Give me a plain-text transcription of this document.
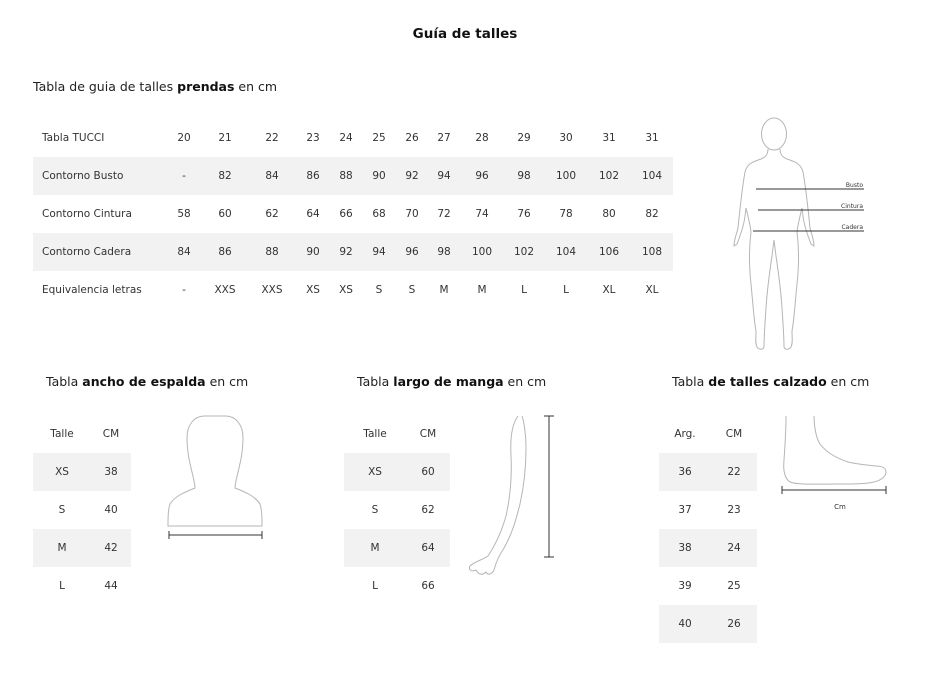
Guía de talles
Tabla de guia de talles prendas en cm
Tabla TUCCI	20	21	22	23	24	25	26	27	28	29	30	31	31
Contorno Busto	-	82	84	86	88	90	92	94	96	98	100	102	104
Contorno Cintura	58	60	62	64	66	68	70	72	74	76	78	80	82
Contorno Cadera	84	86	88	90	92	94	96	98	100	102	104	106	108
Equivalencia letras	-	XXS	XXS	XS	XS	S	S	M	M	L	L	XL	XL
Busto
Cintura
Cadera
Tabla ancho de espalda en cm
Talle	CM
XS	38
S	40
M	42
L	44
Tabla largo de manga en cm
Talle	CM
XS	60
S	62
M	64
L	66
Tabla de talles calzado en cm
Arg.	CM
36	22
37	23
38	24
39	25
40	26
Cm
